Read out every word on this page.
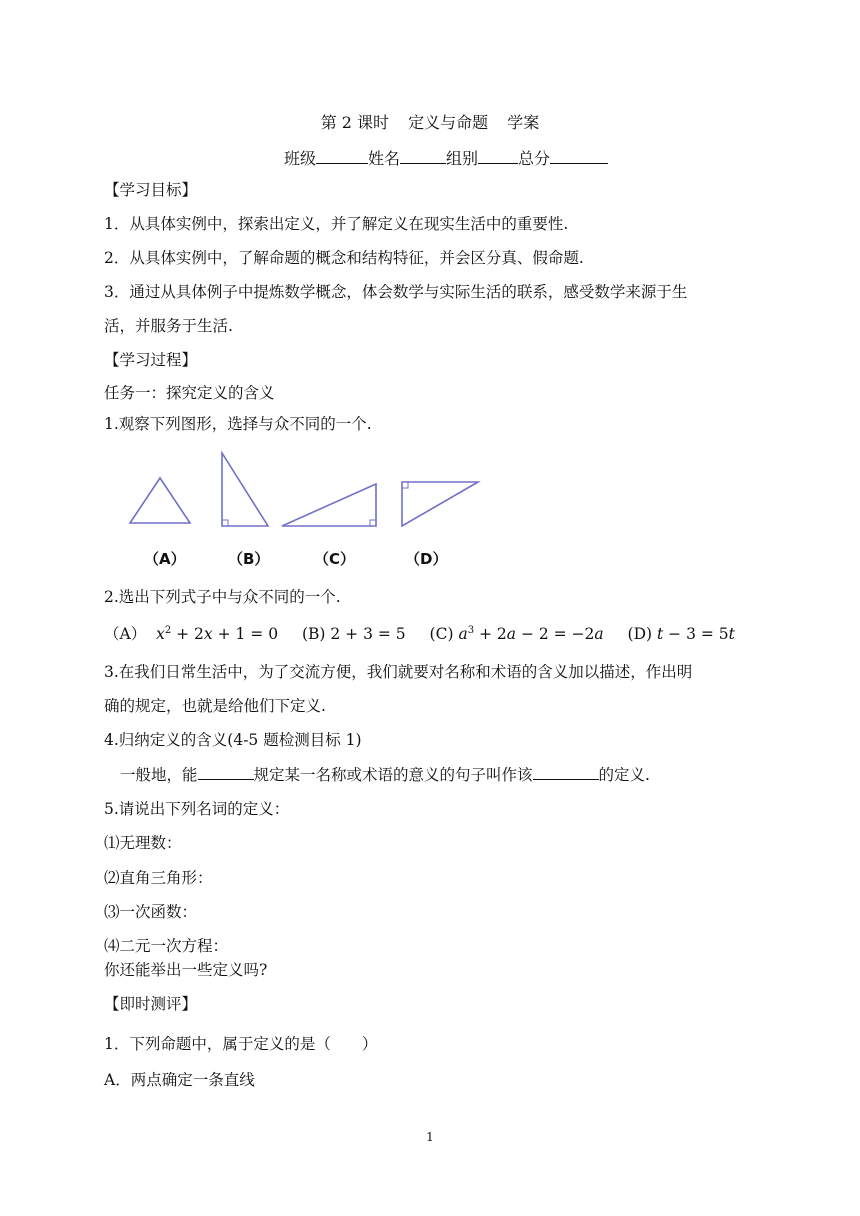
第 2 课时 定义与命题 学案
班级	姓名	组别	总分
【学习目标】
1．从具体实例中，探索出定义，并了解定义在现实生活中的重要性.
2．从具体实例中，了解命题的概念和结构特征，并会区分真、假命题.
3．通过从具体例子中提炼数学概念，体会数学与实际生活的联系，感受数学来源于生
活，并服务于生活.
【学习过程】
任务一：探究定义的含义
1.观察下列图形，选择与众不同的一个.
（A）	（B）	（C）	（D）
2.选出下列式子中与众不同的一个.
（A） $x^2 + 2x + 1 = 0$ (B) 2 + 3 = 5 (C) $a^3 + 2a - 2 = -2a$ (D) t − 3 = 5t
3.在我们日常生活中，为了交流方便，我们就要对名称和术语的含义加以描述，作出明
确的规定，也就是给他们下定义.
4.归纳定义的含义(4-5 题检测目标 1)
一般地，能	规定某一名称或术语的意义的句子叫作该	的定义.
5.请说出下列名词的定义：
⑴无理数：
⑵直角三角形：
⑶一次函数：
⑷二元一次方程：
你还能举出一些定义吗?
【即时测评】
1．下列命题中，属于定义的是（　　）
A．两点确定一条直线
1
